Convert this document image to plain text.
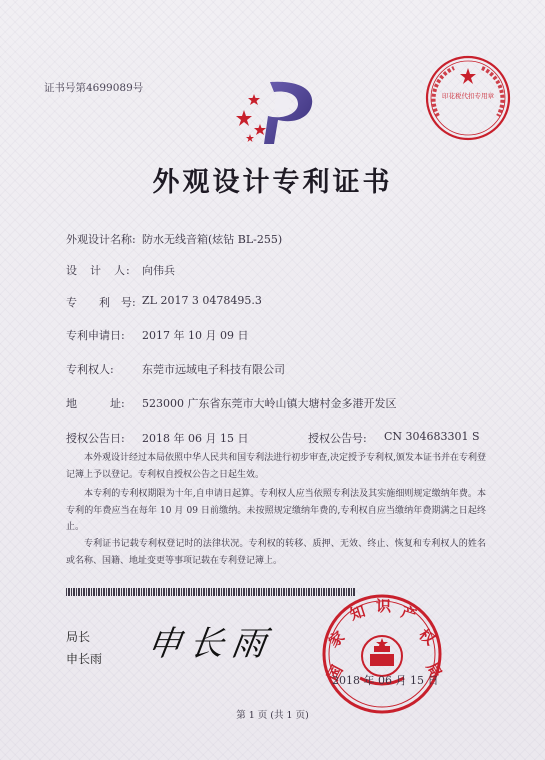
证书号第4699089号
印花税代扣专用章
外观设计专利证书
外观设计名称: 防水无线音箱(炫钻 BL-255)
设　计　人: 向伟兵
专　　利　号: ZL 2017 3 0478495.3
专利申请日: 2017 年 10 月 09 日
专利权人:	东莞市远域电子科技有限公司
地　　　址: 523000 广东省东莞市大岭山镇大塘村金多港开发区
授权公告日: 2018 年 06 月 15 日	授权公告号: CN 304683301 S
本外观设计经过本局依照中华人民共和国专利法进行初步审查,决定授予专利权,颁发本证书并在专利登记簿上予以登记。专利权自授权公告之日起生效。
本专利的专利权期限为十年,自申请日起算。专利权人应当依照专利法及其实施细则规定缴纳年费。本专利的年费应当在每年 10 月 09 日前缴纳。未按照规定缴纳年费的,专利权自应当缴纳年费期满之日起终止。
专利证书记载专利权登记时的法律状况。专利权的转移、质押、无效、终止、恢复和专利权人的姓名或名称、国籍、地址变更等事项记载在专利登记簿上。
局长
申长雨 申长雨
国
家
知 识 产
权
局
2018 年 06 月 15 日
第 1 页 (共 1 页)
